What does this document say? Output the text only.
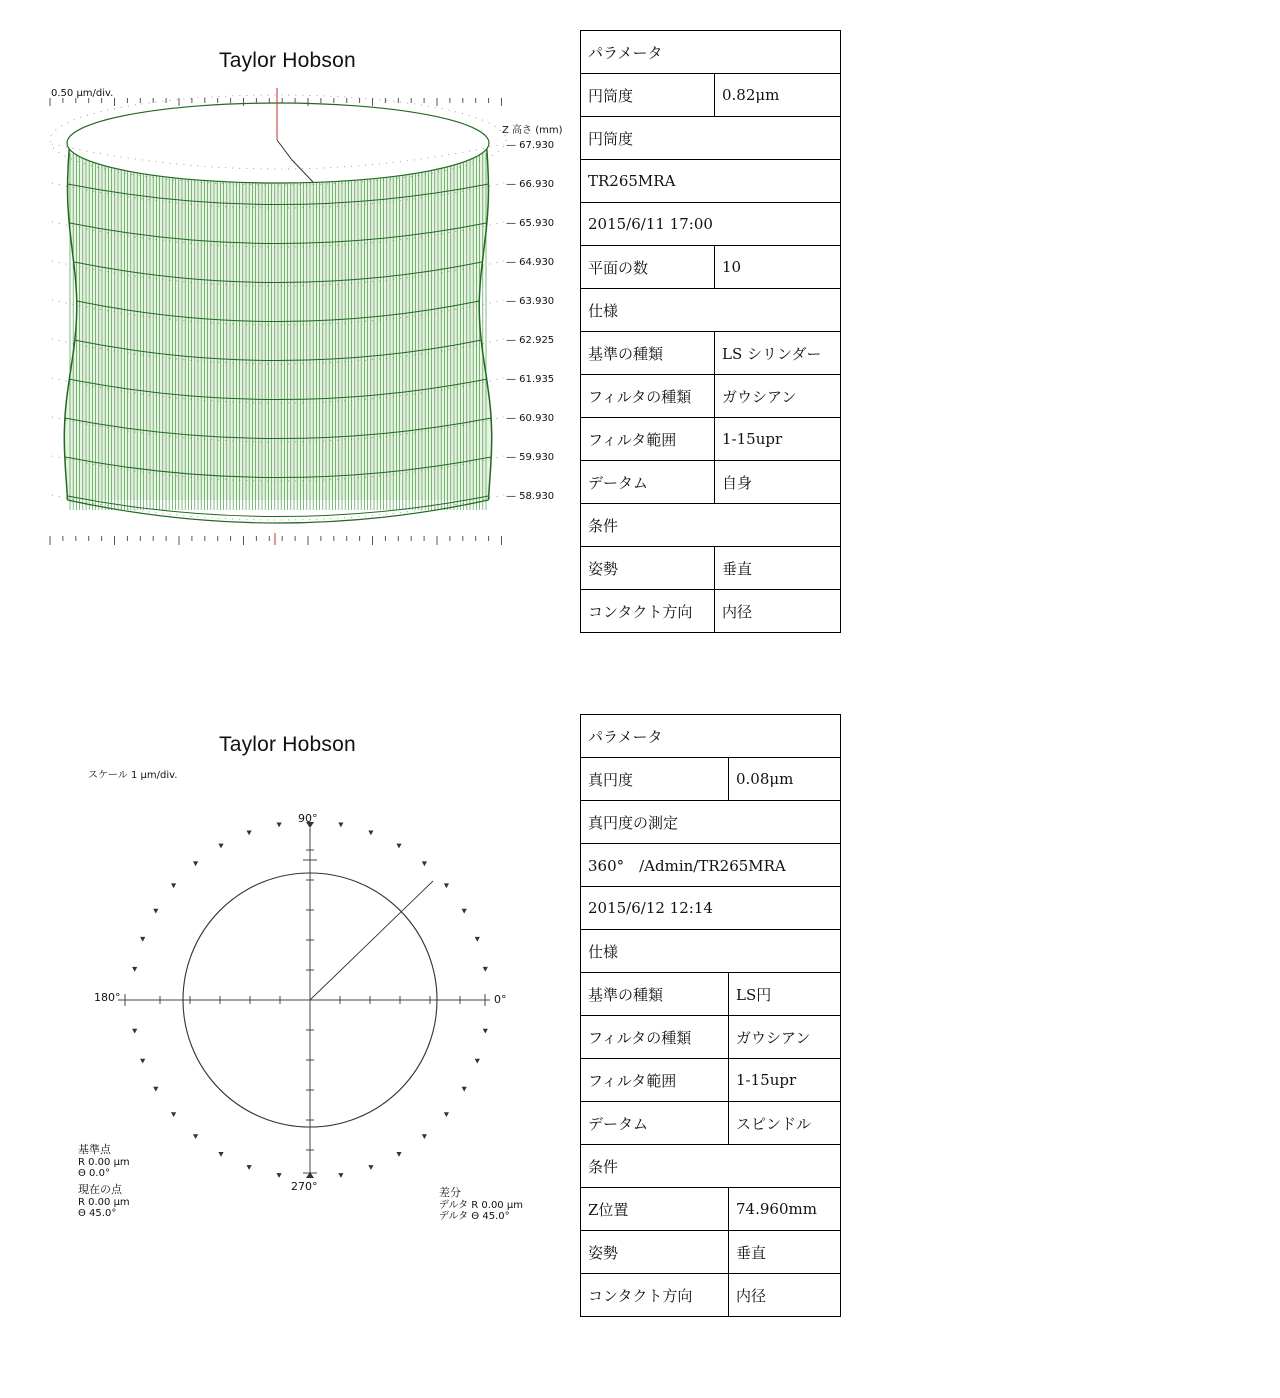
Taylor Hobson
0.50 μm/div.
Z 高さ (mm)
— 67.930
— 66.930
— 65.930
— 64.930
— 63.930
— 62.925
— 61.935
— 60.930
— 59.930
— 58.930
パラメータ	
円筒度	0.82μm
円筒度	
TR265MRA	
2015/6/11 17:00	
平面の数	10
仕様	
基準の種類	LS シリンダー
フィルタの種類	ガウシアン
フィルタ範囲	1-15upr
データム	自身
条件	
姿勢	垂直
コンタクト方向	内径
Taylor Hobson
スケール 1 μm/div.
90°
180°	0°
270°
基準点
R 0.00 μm
Θ 0.0°
現在の点
R 0.00 μm
Θ 45.0°
差分
デルタ R 0.00 μm
デルタ Θ 45.0°
パラメータ	
真円度	0.08μm
真円度の測定	
360°　/Admin/TR265MRA	
2015/6/12 12:14	
仕様	
基準の種類	LS円
フィルタの種類	ガウシアン
フィルタ範囲	1-15upr
データム	スピンドル
条件	
Z位置	74.960mm
姿勢	垂直
コンタクト方向	内径
